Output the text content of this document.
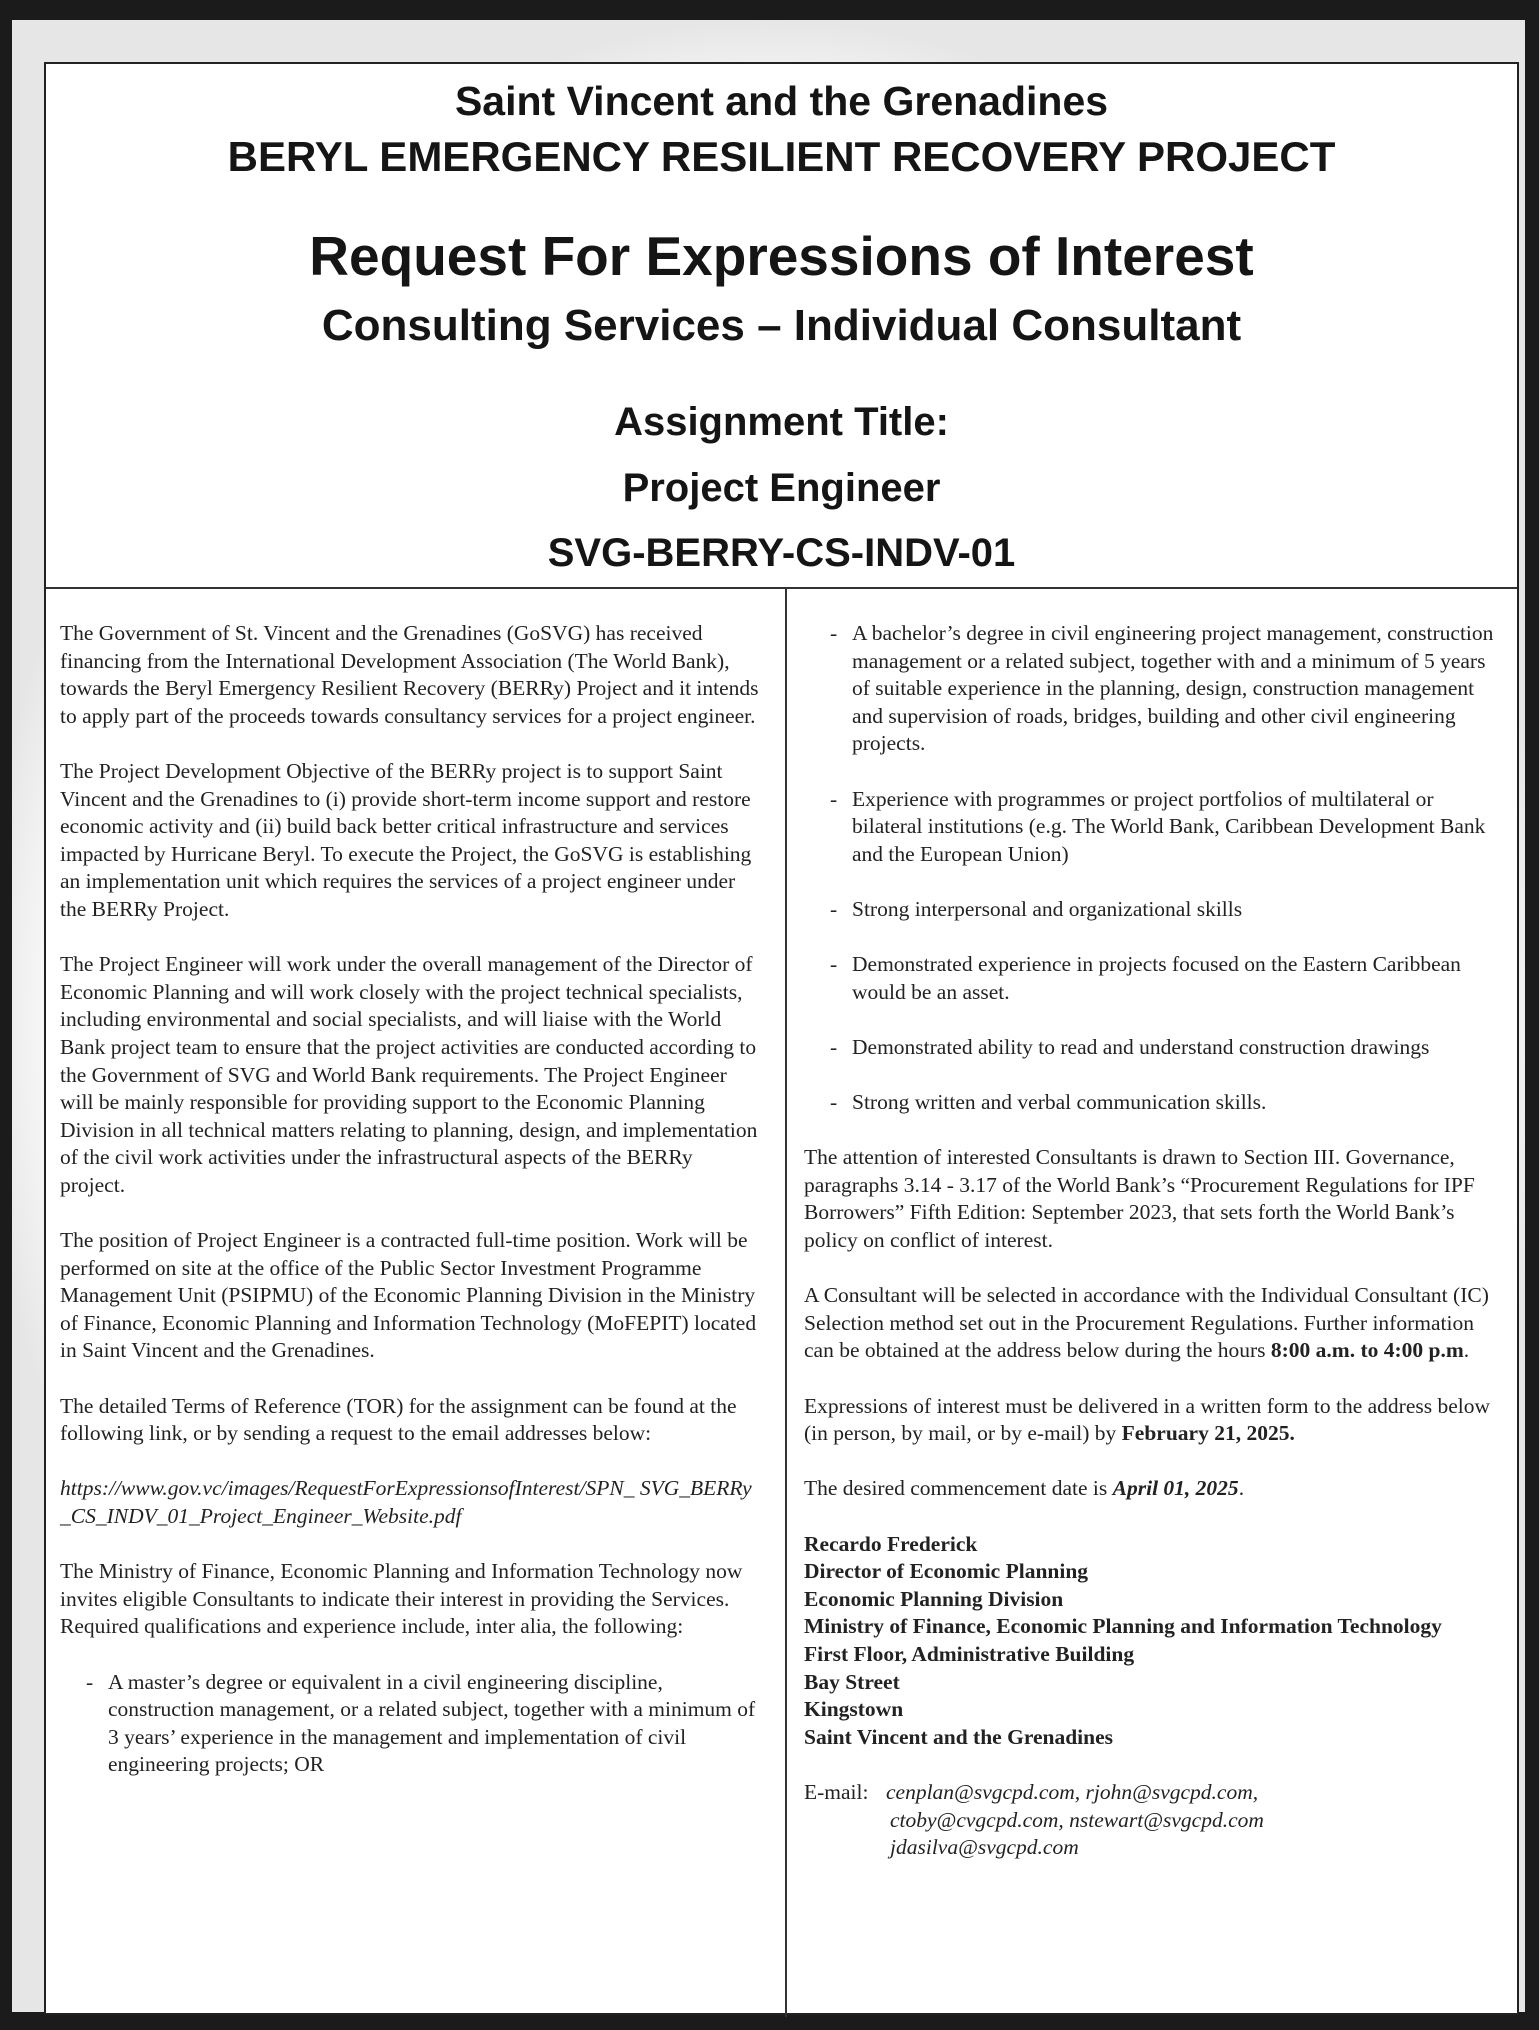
Saint Vincent and the Grenadines
BERYL EMERGENCY RESILIENT RECOVERY PROJECT
Request For Expressions of Interest
Consulting Services – Individual Consultant
Assignment Title:
Project Engineer
SVG-BERRY-CS-INDV-01

The Government of St. Vincent and the Grenadines (GoSVG) has received financing from the International Development Association (The World Bank), towards the Beryl Emergency Resilient Recovery (BERRy) Project and it intends to apply part of the proceeds towards consultancy services for a project engineer.

The Project Development Objective of the BERRy project is to support Saint Vincent and the Grenadines to (i) provide short-term income support and restore economic activity and (ii) build back better critical infrastructure and services impacted by Hurricane Beryl. To execute the Project, the GoSVG is establishing an implementation unit which requires the services of a project engineer under the BERRy Project.

The Project Engineer will work under the overall management of the Director of Economic Planning and will work closely with the project technical specialists, including environmental and social specialists, and will liaise with the World Bank project team to ensure that the project activities are conducted according to the Government of SVG and World Bank requirements. The Project Engineer will be mainly responsible for providing support to the Economic Planning Division in all technical matters relating to planning, design, and implementation of the civil work activities under the infrastructural aspects of the BERRy project.

The position of Project Engineer is a contracted full-time position. Work will be performed on site at the office of the Public Sector Investment Programme Management Unit (PSIPMU) of the Economic Planning Division in the Ministry of Finance, Economic Planning and Information Technology (MoFEPIT) located in Saint Vincent and the Grenadines.

The detailed Terms of Reference (TOR) for the assignment can be found at the following link, or by sending a request to the email addresses below:

https://www.gov.vc/images/RequestForExpressionsofInterest/SPN_ SVG_BERRy_CS_INDV_01_Project_Engineer_Website.pdf

The Ministry of Finance, Economic Planning and Information Technology now invites eligible Consultants to indicate their interest in providing the Services. Required qualifications and experience include, inter alia, the following:

- A master’s degree or equivalent in a civil engineering discipline, construction management, or a related subject, together with a minimum of 3 years’ experience in the management and implementation of civil engineering projects; OR
- A bachelor’s degree in civil engineering project management, construction management or a related subject, together with and a minimum of 5 years of suitable experience in the planning, design, construction management and supervision of roads, bridges, building and other civil engineering projects.
- Experience with programmes or project portfolios of multilateral or bilateral institutions (e.g. The World Bank, Caribbean Development Bank and the European Union)
- Strong interpersonal and organizational skills
- Demonstrated experience in projects focused on the Eastern Caribbean would be an asset.
- Demonstrated ability to read and understand construction drawings
- Strong written and verbal communication skills.

The attention of interested Consultants is drawn to Section III. Governance, paragraphs 3.14 - 3.17 of the World Bank’s “Procurement Regulations for IPF Borrowers” Fifth Edition: September 2023, that sets forth the World Bank’s policy on conflict of interest.

A Consultant will be selected in accordance with the Individual Consultant (IC) Selection method set out in the Procurement Regulations. Further information can be obtained at the address below during the hours 8:00 a.m. to 4:00 p.m.

Expressions of interest must be delivered in a written form to the address below (in person, by mail, or by e-mail) by February 21, 2025.

The desired commencement date is April 01, 2025.

Recardo Frederick
Director of Economic Planning
Economic Planning Division
Ministry of Finance, Economic Planning and Information Technology
First Floor, Administrative Building
Bay Street
Kingstown
Saint Vincent and the Grenadines
E-mail: cenplan@svgcpd.com, rjohn@svgcpd.com,
ctoby@cvgcpd.com, nstewart@svgcpd.com
jdasilva@svgcpd.com
